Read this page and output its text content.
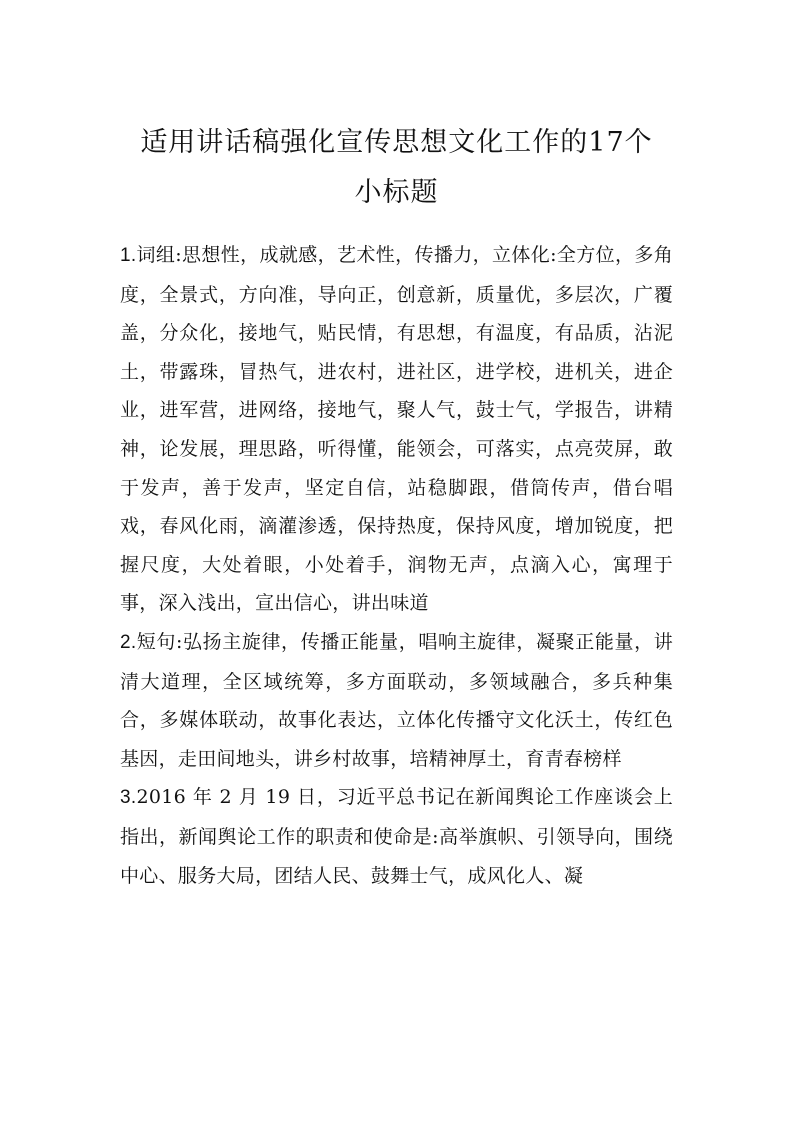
适用讲话稿强化宣传思想文化工作的17个
小标题

1.词组:思想性，成就感，艺术性，传播力，立体化:全方位，多角度，全景式，方向准，导向正，创意新，质量优，多层次，广覆盖，分众化，接地气，贴民情，有思想，有温度，有品质，沾泥土，带露珠，冒热气，进农村，进社区，进学校，进机关，进企业，进军营，进网络，接地气，聚人气，鼓士气，学报告，讲精神，论发展，理思路，听得懂，能领会，可落实，点亮荧屏，敢于发声，善于发声，坚定自信，站稳脚跟，借筒传声，借台唱戏，春风化雨，滴灌渗透，保持热度，保持风度，增加锐度，把握尺度，大处着眼，小处着手，润物无声，点滴入心，寓理于事，深入浅出，宣出信心，讲出味道

2.短句:弘扬主旋律，传播正能量，唱响主旋律，凝聚正能量，讲清大道理，全区域统筹，多方面联动，多领域融合，多兵种集合，多媒体联动，故事化表达，立体化传播守文化沃土，传红色基因，走田间地头，讲乡村故事，培精神厚土，育青春榜样

3.2016 年 2 月 19 日，习近平总书记在新闻舆论工作座谈会上指出，新闻舆论工作的职责和使命是:高举旗帜、引领导向，围绕中心、服务大局，团结人民、鼓舞士气，成风化人、凝
